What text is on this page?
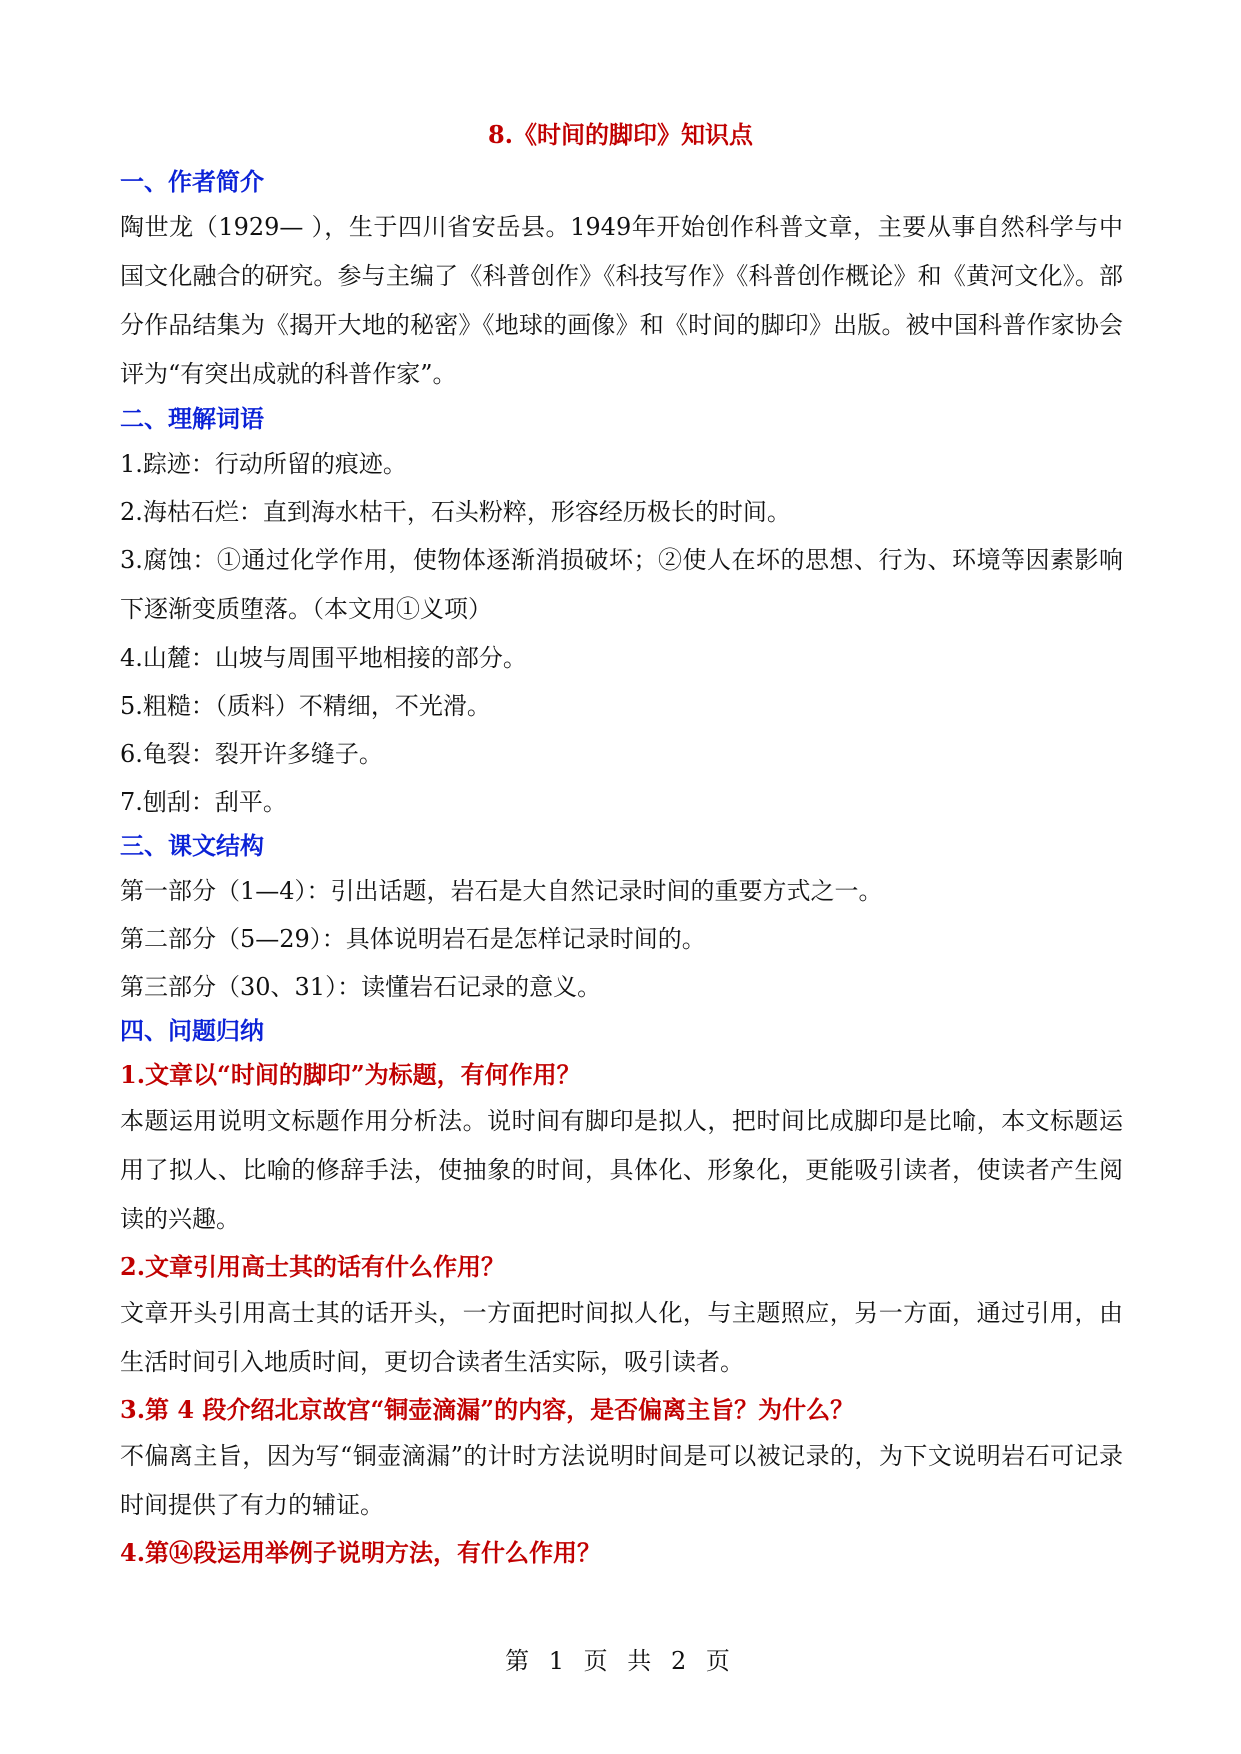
8.《时间的脚印》知识点

一、作者简介

陶世龙（1929— ），生于四川省安岳县。1949年开始创作科普文章，主要从事自然科学与中国文化融合的研究。参与主编了《科普创作》《科技写作》《科普创作概论》和《黄河文化》。部分作品结集为《揭开大地的秘密》《地球的画像》和《时间的脚印》出版。被中国科普作家协会评为“有突出成就的科普作家”。

二、理解词语

1.踪迹：行动所留的痕迹。

2.海枯石烂：直到海水枯干，石头粉粹，形容经历极长的时间。

3.腐蚀：①通过化学作用，使物体逐渐消损破坏；②使人在坏的思想、行为、环境等因素影响下逐渐变质堕落。（本文用①义项）

4.山麓：山坡与周围平地相接的部分。

5.粗糙：（质料）不精细，不光滑。

6.龟裂：裂开许多缝子。

7.刨刮：刮平。

三、课文结构

第一部分（1—4）：引出话题，岩石是大自然记录时间的重要方式之一。

第二部分（5—29）：具体说明岩石是怎样记录时间的。

第三部分（30、31）：读懂岩石记录的意义。

四、问题归纳

1.文章以“时间的脚印”为标题，有何作用？

本题运用说明文标题作用分析法。说时间有脚印是拟人，把时间比成脚印是比喻，本文标题运用了拟人、比喻的修辞手法，使抽象的时间，具体化、形象化，更能吸引读者，使读者产生阅读的兴趣。

2.文章引用高士其的话有什么作用？

文章开头引用高士其的话开头，一方面把时间拟人化，与主题照应，另一方面，通过引用，由生活时间引入地质时间，更切合读者生活实际，吸引读者。

3.第 4 段介绍北京故宫“铜壶滴漏”的内容，是否偏离主旨？为什么？

不偏离主旨，因为写“铜壶滴漏”的计时方法说明时间是可以被记录的，为下文说明岩石可记录时间提供了有力的辅证。

4.第⑭段运用举例子说明方法，有什么作用？

第 1 页 共 2 页
